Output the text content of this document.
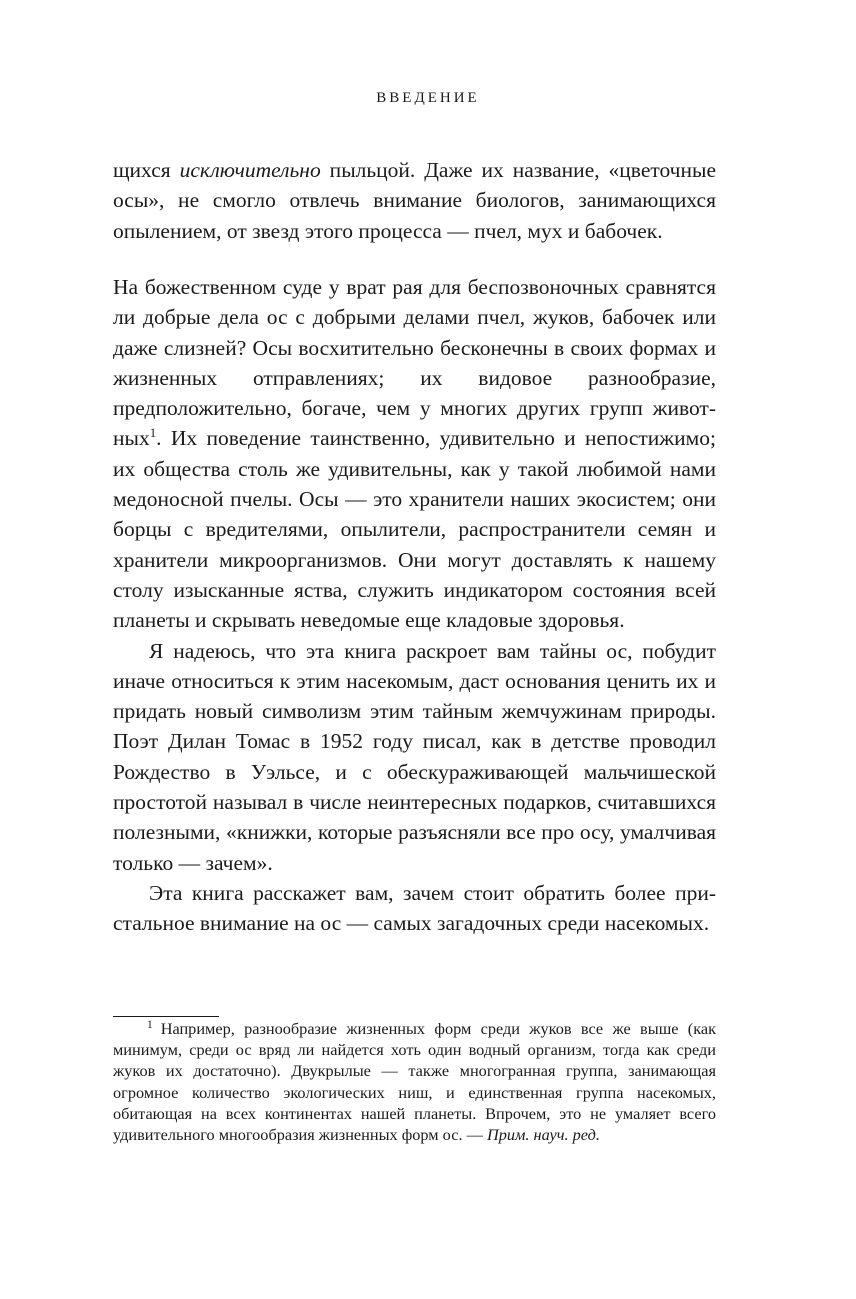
ВВЕДЕНИЕ

щихся исключительно пыльцой. Даже их название, «цветочные осы», не смогло отвлечь внимание биологов, занимающихся опылением, от звезд этого процесса — пчел, мух и бабочек.

На божественном суде у врат рая для беспозвоночных сравнятся ли добрые дела ос с добрыми делами пчел, жуков, бабочек или даже слизней? Осы восхитительно бесконечны в своих формах и жизненных отправлениях; их видовое разнообразие, предположительно, богаче, чем у многих других групп животных$^1$. Их поведение таинственно, удивительно и непостижимо; их общества столь же удивительны, как у такой любимой нами медоносной пчелы. Осы — это хранители наших экосистем; они борцы с вредителями, опылители, распространители семян и хранители микроорганизмов. Они могут доставлять к нашему столу изысканные яства, служить индикатором состояния всей планеты и скрывать неведомые еще кладовые здоровья.

Я надеюсь, что эта книга раскроет вам тайны ос, побудит иначе относиться к этим насекомым, даст основания ценить их и придать новый символизм этим тайным жемчужинам природы. Поэт Дилан Томас в 1952 году писал, как в детстве проводил Рождество в Уэльсе, и с обескураживающей мальчишеской простотой называл в числе неинтересных подарков, считавшихся полезными, «книжки, которые разъясняли все про осу, умалчивая только — зачем».

Эта книга расскажет вам, зачем стоит обратить более пристальное внимание на ос — самых загадочных среди насекомых.

$^1$ Например, разнообразие жизненных форм среди жуков все же выше (как минимум, среди ос вряд ли найдется хоть один водный организм, тогда как среди жуков их достаточно). Двукрылые — также многогранная группа, занимающая огромное количество экологических ниш, и единственная группа насекомых, обитающая на всех континентах нашей планеты. Впрочем, это не умаляет всего удивительного многообразия жизненных форм ос. — Прим. науч. ред.
